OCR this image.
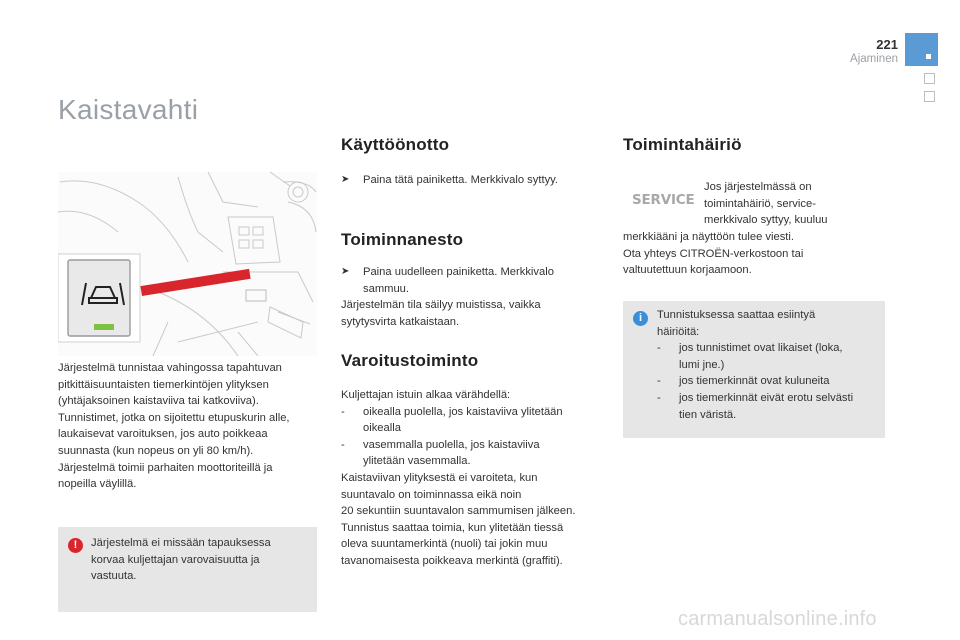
221
Ajaminen
Kaistavahti
Järjestelmä tunnistaa vahingossa tapahtuvan
pitkittäisuuntaisten tiemerkintöjen ylityksen
(yhtäjaksoinen kaistaviiva tai katkoviiva).
Tunnistimet, jotka on sijoitettu etupuskurin alle,
laukaisevat varoituksen, jos auto poikkeaa
suunnasta (kun nopeus on yli 80 km/h).
Järjestelmä toimii parhaiten moottoriteillä ja
nopeilla väylillä.
!	Järjestelmä ei missään tapauksessa
korvaa kuljettajan varovaisuutta ja
vastuuta.
Käyttöönotto
➤	Paina tätä painiketta. Merkkivalo syttyy.
Toiminnanesto
➤	Paina uudelleen painiketta. Merkkivalo
sammuu.
Järjestelmän tila säilyy muistissa, vaikka
sytytysvirta katkaistaan.
Varoitustoiminto
Kuljettajan istuin alkaa värähdellä:
-	oikealla puolella, jos kaistaviiva ylitetään
oikealla
-	vasemmalla puolella, jos kaistaviiva
ylitetään vasemmalla.
Kaistaviivan ylityksestä ei varoiteta, kun
suuntavalo on toiminnassa eikä noin
20 sekuntiin suuntavalon sammumisen jälkeen.
Tunnistus saattaa toimia, kun ylitetään tiessä
oleva suuntamerkintä (nuoli) tai jokin muu
tavanomaisesta poikkeava merkintä (graffiti).
Toimintahäiriö
SERVICE
Jos järjestelmässä on
toimintahäiriö, service-
merkkivalo syttyy, kuuluu
merkkiääni ja näyttöön tulee viesti.
Ota yhteys CITROËN-verkostoon tai
valtuutettuun korjaamoon.
i	Tunnistuksessa saattaa esiintyä
häiriöitä:
-	jos tunnistimet ovat likaiset (loka,
lumi jne.)
-	jos tiemerkinnät ovat kuluneita
-	jos tiemerkinnät eivät erotu selvästi
tien väristä.
carmanualsonline.info
